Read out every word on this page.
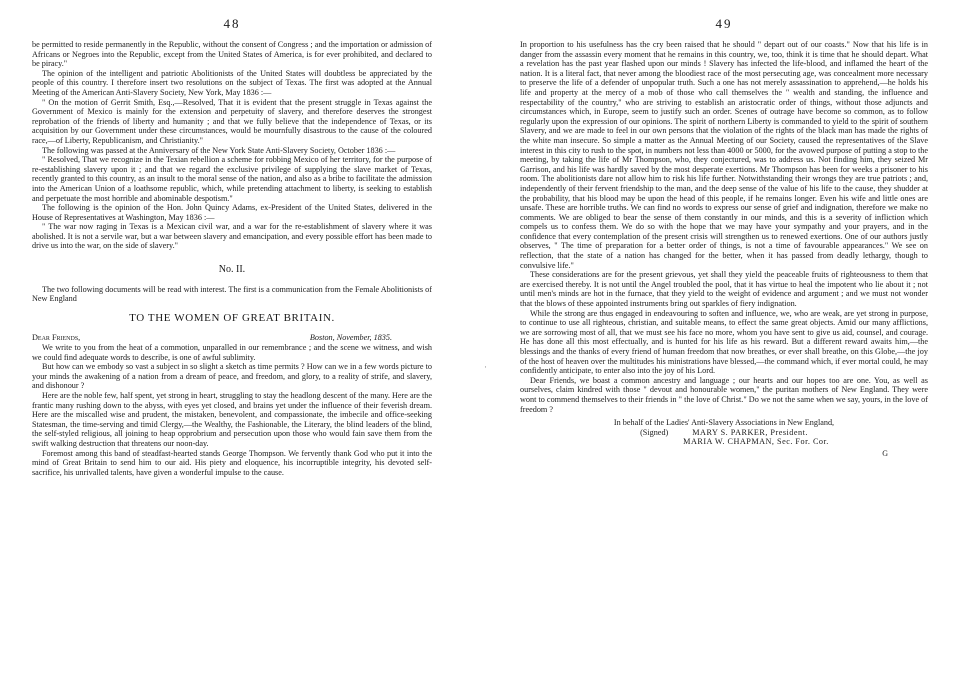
48

be permitted to reside permanently in the Republic, without the consent of Congress ; and the importation or admission of Africans or Negroes into the Republic, except from the United States of America, is for ever prohibited, and declared to be piracy."

The opinion of the intelligent and patriotic Abolitionists of the United States will doubtless be appreciated by the people of this country. I therefore insert two resolutions on the subject of Texas. The first was adopted at the Annual Meeting of the American Anti-Slavery Society, New York, May 1836 :—

" On the motion of Gerrit Smith, Esq.,—Resolved, That it is evident that the present struggle in Texas against the Government of Mexico is mainly for the extension and perpetuity of slavery, and therefore deserves the strongest reprobation of the friends of liberty and humanity ; and that we fully believe that the independence of Texas, or its acquisition by our Government under these circumstances, would be mournfully disastrous to the cause of the coloured race,—of Liberty, Republicanism, and Christianity."

The following was passed at the Anniversary of the New York State Anti-Slavery Society, October 1836 :—

" Resolved, That we recognize in the Texian rebellion a scheme for robbing Mexico of her territory, for the purpose of re-establishing slavery upon it ; and that we regard the exclusive privilege of supplying the slave market of Texas, recently granted to this country, as an insult to the moral sense of the nation, and also as a bribe to facilitate the admission into the American Union of a loathsome republic, which, while pretending attachment to liberty, is seeking to establish and perpetuate the most horrible and abominable despotism."

The following is the opinion of the Hon. John Quincy Adams, ex-President of the United States, delivered in the House of Representatives at Washington, May 1836 :—

" The war now raging in Texas is a Mexican civil war, and a war for the re-establishment of slavery where it was abolished. It is not a servile war, but a war between slavery and emancipation, and every possible effort has been made to drive us into the war, on the side of slavery."

No. II.

The two following documents will be read with interest. The first is a communication from the Female Abolitionists of New England

TO THE WOMEN OF GREAT BRITAIN.
Dear Friends,	Boston, November, 1835.

We write to you from the heat of a commotion, unparalled in our remembrance ; and the scene we witness, and wish we could find adequate words to describe, is one of awful sublimity.

But how can we embody so vast a subject in so slight a sketch as time permits ? How can we in a few words picture to your minds the awakening of a nation from a dream of peace, and freedom, and glory, to a reality of strife, and slavery, and dishonour ?

Here are the noble few, half spent, yet strong in heart, struggling to stay the headlong descent of the many. Here are the frantic many rushing down to the abyss, with eyes yet closed, and brains yet under the influence of their feverish dream. Here are the miscalled wise and prudent, the mistaken, benevolent, and compassionate, the imbecile and office-seeking Statesman, the time-serving and timid Clergy,—the Wealthy, the Fashionable, the Literary, the blind leaders of the blind, the self-styled religious, all joining to heap opprobrium and persecution upon those who would fain save them from the swift walking destruction that threatens our noon-day.

Foremost among this band of steadfast-hearted stands George Thompson. We fervently thank God who put it into the mind of Great Britain to send him to our aid. His piety and eloquence, his incorruptible integrity, his devoted self-sacrifice, his unrivalled talents, have given a wonderful impulse to the cause.

·
49

In proportion to his usefulness has the cry been raised that he should " depart out of our coasts." Now that his life is in danger from the assassin every moment that he remains in this country, we, too, think it is time that he should depart. What a revelation has the past year flashed upon our minds ! Slavery has infected the life-blood, and inflamed the heart of the nation. It is a literal fact, that never among the bloodiest race of the most persecuting age, was concealment more necessary to preserve the life of a defender of unpopular truth. Such a one has not merely assassination to apprehend,—he holds his life and property at the mercy of a mob of those who call themselves the " wealth and standing, the influence and respectability of the country," who are striving to establish an aristocratic order of things, without those adjuncts and circumstances which, in Europe, seem to justify such an order. Scenes of outrage have become so common, as to follow regularly upon the expression of our opinions. The spirit of northern Liberty is commanded to yield to the spirit of southern Slavery, and we are made to feel in our own persons that the violation of the rights of the black man has made the rights of the white man insecure. So simple a matter as the Annual Meeting of our Society, caused the representatives of the Slave interest in this city to rush to the spot, in numbers not less than 4000 or 5000, for the avowed purpose of putting a stop to the meeting, by taking the life of Mr Thompson, who, they conjectured, was to address us. Not finding him, they seized Mr Garrison, and his life was hardly saved by the most desperate exertions. Mr Thompson has been for weeks a prisoner to his room. The abolitionists dare not allow him to risk his life further. Notwithstanding their wrongs they are true patriots ; and, independently of their fervent friendship to the man, and the deep sense of the value of his life to the cause, they shudder at the probability, that his blood may be upon the head of this people, if he remains longer. Even his wife and little ones are unsafe. These are horrible truths. We can find no words to express our sense of grief and indignation, therefore we make no comments. We are obliged to bear the sense of them constantly in our minds, and this is a severity of infliction which compels us to confess them. We do so with the hope that we may have your sympathy and your prayers, and in the confidence that every contemplation of the present crisis will strengthen us to renewed exertions. One of our authors justly observes, " The time of preparation for a better order of things, is not a time of favourable appearances." We see on reflection, that the state of a nation has changed for the better, when it has passed from deadly lethargy, though to convulsive life."

These considerations are for the present grievous, yet shall they yield the peaceable fruits of righteousness to them that are exercised thereby. It is not until the Angel troubled the pool, that it has virtue to heal the impotent who lie about it ; not until men's minds are hot in the furnace, that they yield to the weight of evidence and argument ; and we must not wonder that the blows of these appointed instruments bring out sparkles of fiery indignation.

While the strong are thus engaged in endeavouring to soften and influence, we, who are weak, are yet strong in purpose, to continue to use all righteous, christian, and suitable means, to effect the same great objects. Amid our many afflictions, we are sorrowing most of all, that we must see his face no more, whom you have sent to give us aid, counsel, and courage. He has done all this most effectually, and is hunted for his life as his reward. But a different reward awaits him,—the blessings and the thanks of every friend of human freedom that now breathes, or ever shall breathe, on this Globe,—the joy of the host of heaven over the multitudes his ministrations have blessed,—the command which, if ever mortal could, he may confidently anticipate, to enter also into the joy of his Lord.

Dear Friends, we boast a common ancestry and language ; our hearts and our hopes too are one. You, as well as ourselves, claim kindred with those " devout and honourable women," the puritan mothers of New England. They were wont to commend themselves to their friends in " the love of Christ." Do we not the same when we say, yours, in the love of freedom ?

In behalf of the Ladies' Anti-Slavery Associations in New England,

(Signed)	MARY S. PARKER, President.
MARIA W. CHAPMAN, Sec. For. Cor.
G
